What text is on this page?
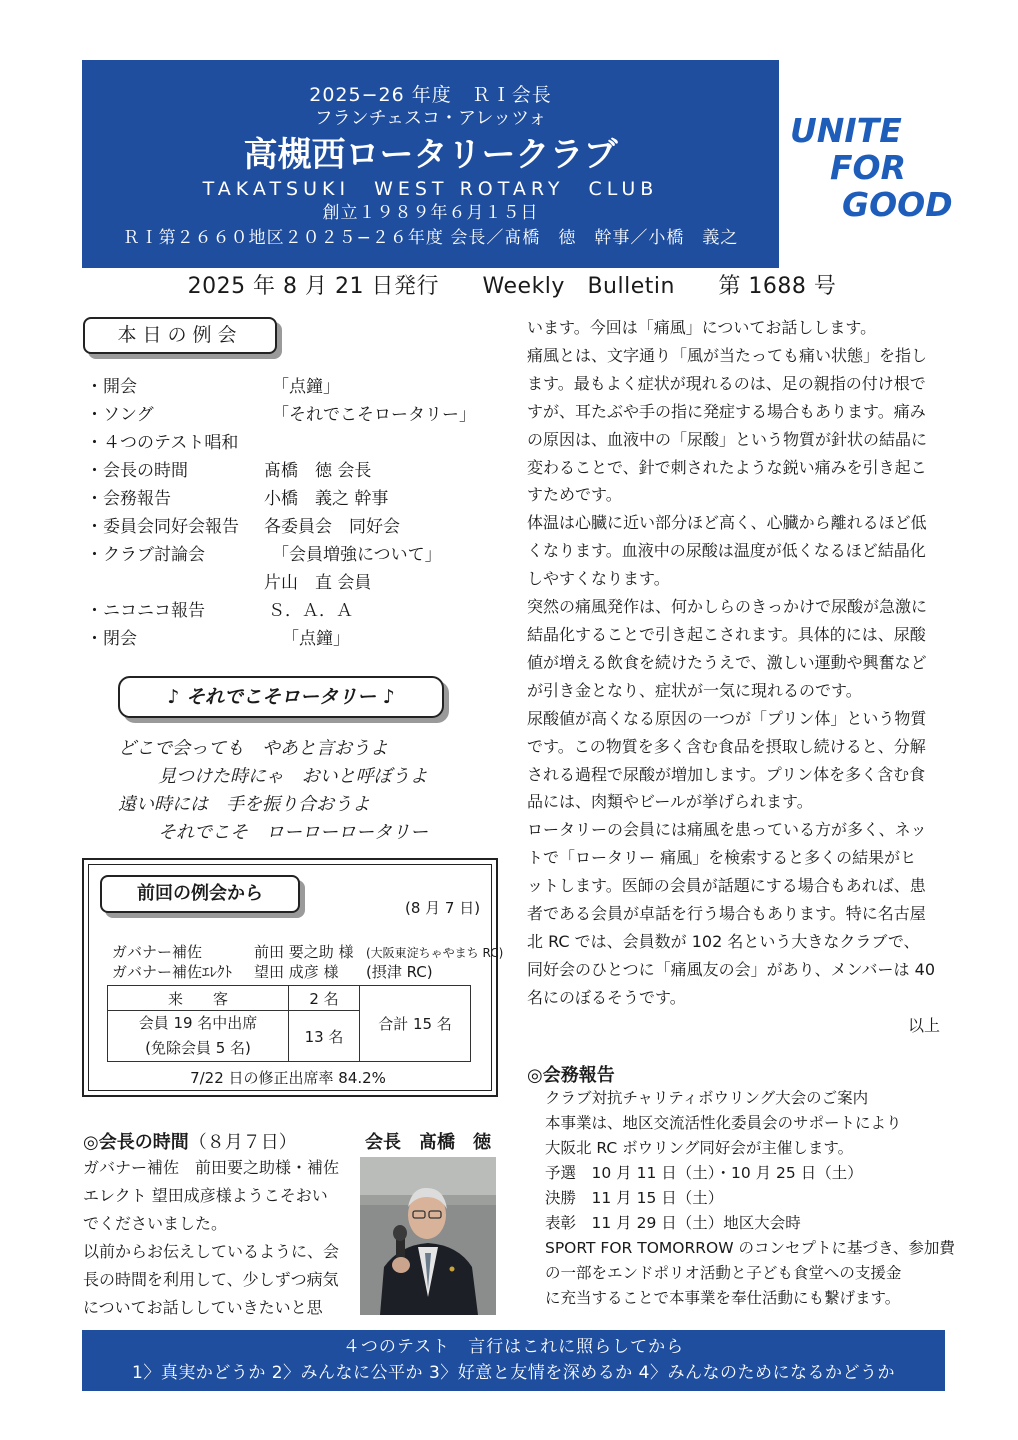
2025−26 年度　ＲＩ会長
フランチェスコ・アレッツォ
高槻西ロータリークラブ
TAKATSUKI　WEST ROTARY　CLUB
創立１９８９年６月１５日
ＲＩ第２６６０地区２０２５−２６年度 会長／髙橋　徳　幹事／小橋　義之
UNITE
FOR
GOOD
2025 年 8 月 21 日発行 Weekly　Bulletin 第 1688 号
本日の例会
・開会	「点鐘」
・ソング	「それでこそロータリー」
・４つのテスト唱和
・会長の時間	髙橋　徳 会長
・会務報告	小橋　義之 幹事
・委員会同好会報告 各委員会　同好会
・クラブ討論会	「会員増強について」
片山　直 会員
・ニコニコ報告	Ｓ．Ａ．Ａ
・閉会	「点鐘」
♪ それでこそロータリー ♪
どこで会っても　やあと言おうよ
見つけた時にゃ　おいと呼ぼうよ
遠い時には　手を振り合おうよ
それでこそ　ローローロータリー
前回の例会から
(8 月 7 日)
ガバナー補佐	前田 要之助 様 (大阪東淀ちゃやまち RC)
ガバナー補佐ｴﾚｸﾄ 望田 成彦 様 (摂津 RC)
来　　客	2 名	合計 15 名

会員 19 名中出席
(免除会員 5 名)	13 名	
7/22 日の修正出席率 84.2%
◎会長の時間（８月７日）	会長　髙橋　徳
ガバナー補佐　前田要之助様・補佐
エレクト 望田成彦様ようこそおい
でくださいました。
以前からお伝えしているように、会
長の時間を利用して、少しずつ病気
についてお話ししていきたいと思
います。今回は「痛風」についてお話しします。
痛風とは、文字通り「風が当たっても痛い状態」を指し
ます。最もよく症状が現れるのは、足の親指の付け根で
すが、耳たぶや手の指に発症する場合もあります。痛み
の原因は、血液中の「尿酸」という物質が針状の結晶に
変わることで、針で刺されたような鋭い痛みを引き起こ
すためです。
体温は心臓に近い部分ほど高く、心臓から離れるほど低
くなります。血液中の尿酸は温度が低くなるほど結晶化
しやすくなります。
突然の痛風発作は、何かしらのきっかけで尿酸が急激に
結晶化することで引き起こされます。具体的には、尿酸
値が増える飲食を続けたうえで、激しい運動や興奮など
が引き金となり、症状が一気に現れるのです。
尿酸値が高くなる原因の一つが「プリン体」という物質
です。この物質を多く含む食品を摂取し続けると、分解
される過程で尿酸が増加します。プリン体を多く含む食
品には、肉類やビールが挙げられます。
ロータリーの会員には痛風を患っている方が多く、ネッ
トで「ロータリー 痛風」を検索すると多くの結果がヒ
ットします。医師の会員が話題にする場合もあれば、患
者である会員が卓話を行う場合もあります。特に名古屋
北 RC では、会員数が 102 名という大きなクラブで、
同好会のひとつに「痛風友の会」があり、メンバーは 40
名にのぼるそうです。
以上
◎会務報告
クラブ対抗チャリティボウリング大会のご案内
本事業は、地区交流活性化委員会のサポートにより
大阪北 RC ボウリング同好会が主催します。
予選　10 月 11 日（土）・10 月 25 日（土）
決勝　11 月 15 日（土）
表彰　11 月 29 日（土）地区大会時
SPORT FOR TOMORROW のコンセプトに基づき、参加費
の一部をエンドポリオ活動と子ども食堂への支援金
に充当することで本事業を奉仕活動にも繋げます。
４つのテスト　言行はこれに照らしてから
1〉真実かどうか 2〉みんなに公平か 3〉好意と友情を深めるか 4〉みんなのためになるかどうか
